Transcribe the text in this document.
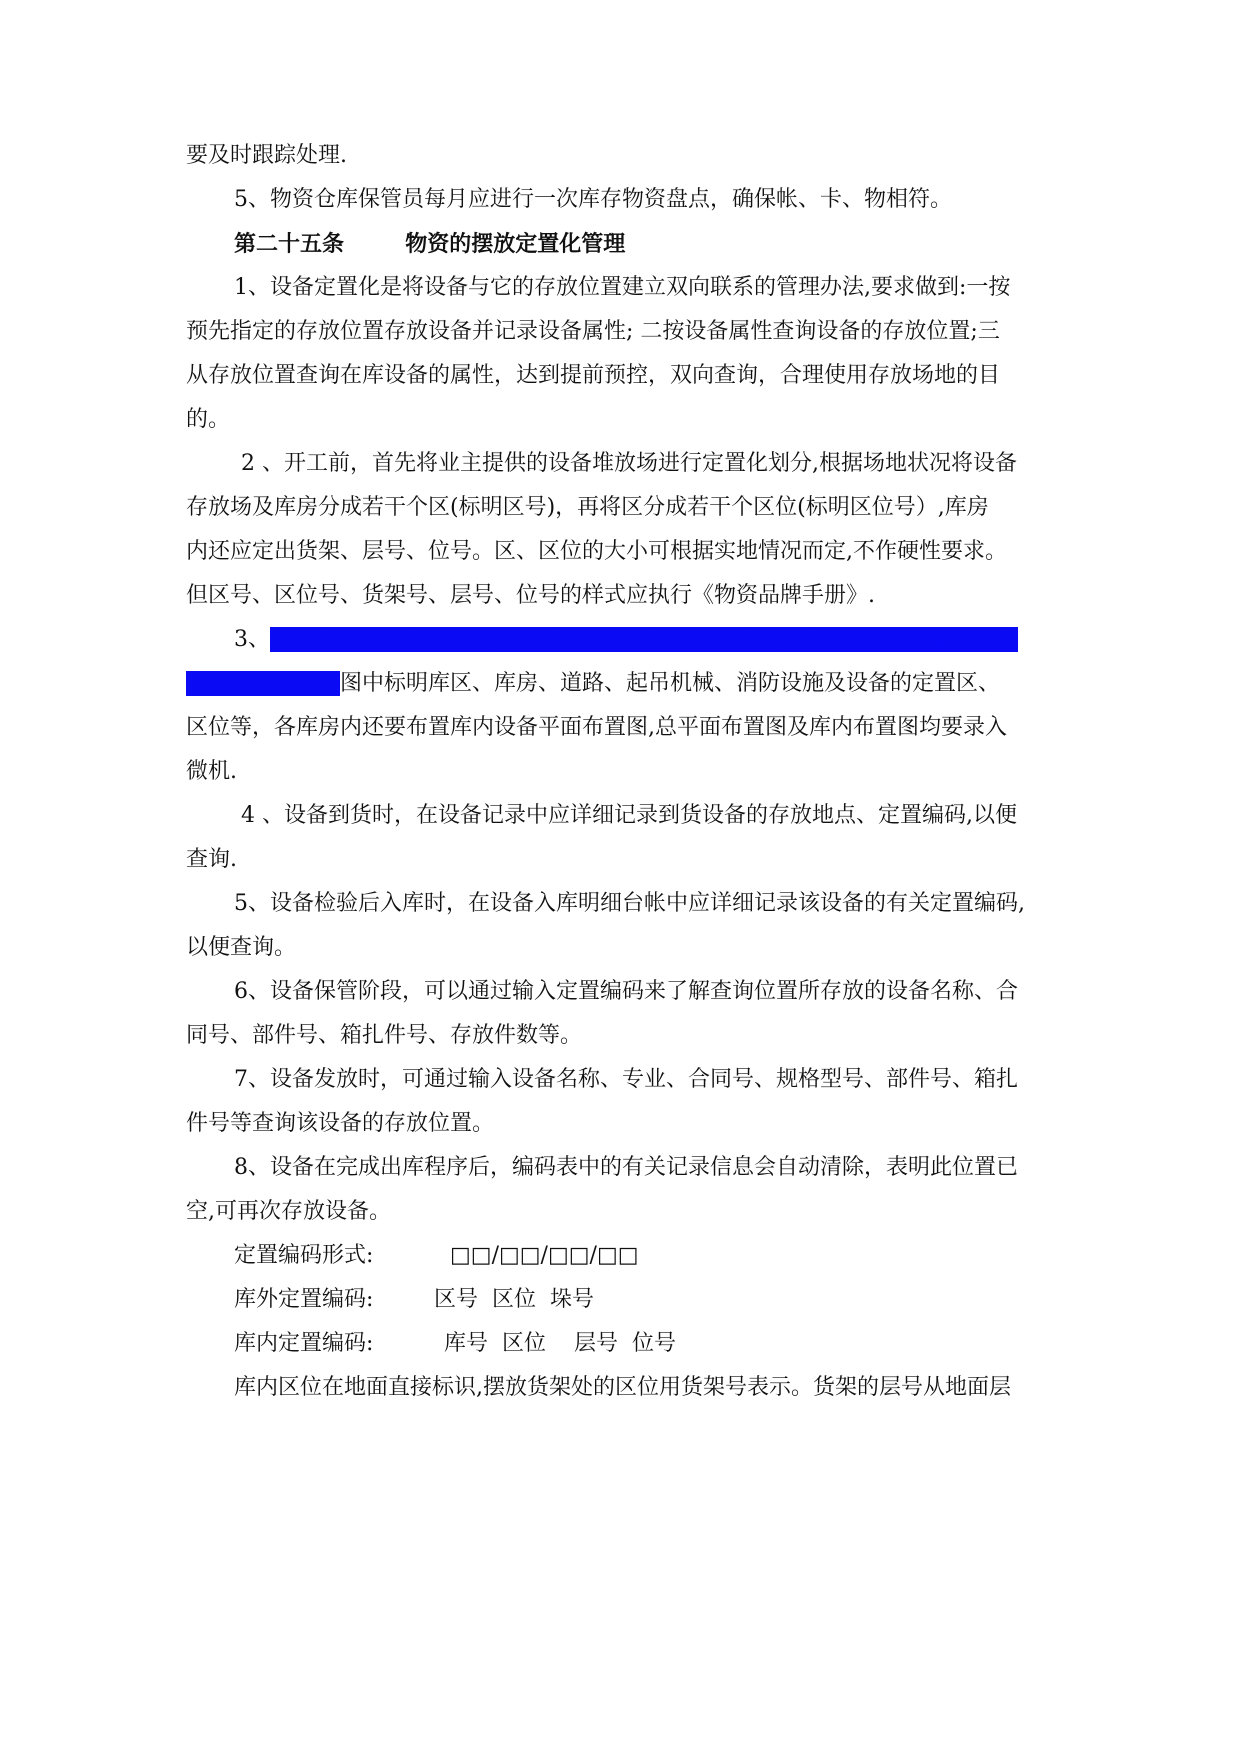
要及时跟踪处理.
5、物资仓库保管员每月应进行一次库存物资盘点，确保帐、卡、物相符。
第二十五条        物资的摆放定置化管理
1、设备定置化是将设备与它的存放位置建立双向联系的管理办法,要求做到:一按
预先指定的存放位置存放设备并记录设备属性; 二按设备属性查询设备的存放位置;三
从存放位置查询在库设备的属性，达到提前预控，双向查询，合理使用存放场地的目
的。
2 、开工前，首先将业主提供的设备堆放场进行定置化划分,根据场地状况将设备
存放场及库房分成若干个区(标明区号)，再将区分成若干个区位(标明区位号）,库房
内还应定出货架、层号、位号。区、区位的大小可根据实地情况而定,不作硬性要求。
但区号、区位号、货架号、层号、位号的样式应执行《物资品牌手册》.
3、在堆放场地定置划分后，还要绘制设备总平面布置图，置于办公室及设备存放
区的显著位置，图中标明库区、库房、道路、起吊机械、消防设施及设备的定置区、
区位等，各库房内还要布置库内设备平面布置图,总平面布置图及库内布置图均要录入
微机.
4 、设备到货时，在设备记录中应详细记录到货设备的存放地点、定置编码,以便
查询.
5、设备检验后入库时，在设备入库明细台帐中应详细记录该设备的有关定置编码,
以便查询。
6、设备保管阶段，可以通过输入定置编码来了解查询位置所存放的设备名称、合
同号、部件号、箱扎件号、存放件数等。
7、设备发放时，可通过输入设备名称、专业、合同号、规格型号、部件号、箱扎
件号等查询该设备的存放位置。
8、设备在完成出库程序后，编码表中的有关记录信息会自动清除，表明此位置已
空,可再次存放设备。
定置编码形式:	□□/□□/□□/□□
库外定置编码:	区号  区位  垛号
库内定置编码:	库号  区位    层号  位号
库内区位在地面直接标识,摆放货架处的区位用货架号表示。货架的层号从地面层
